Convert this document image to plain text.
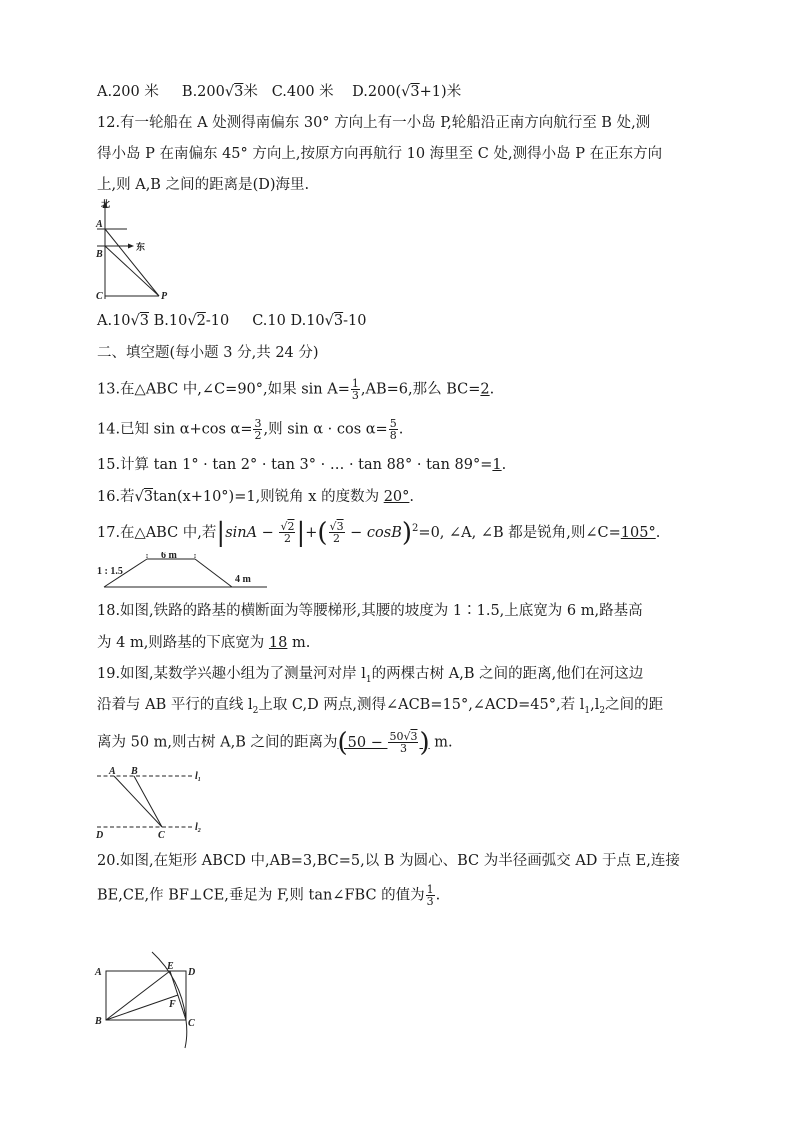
A.200 米 B.200√3米 C.400 米 D.200(√3+1)米
12.有一轮船在 A 处测得南偏东 30° 方向上有一小岛 P,轮船沿正南方向航行至 B 处,测
得小岛 P 在南偏东 45° 方向上,按原方向再航行 10 海里至 C 处,测得小岛 P 在正东方向
上,则 A,B 之间的距离是(D)海里.
北
东
A
B
C	P
A.10√3 B.10√2-10 C.10 D.10√3-10
二、填空题(每小题 3 分,共 24 分)
13.在△ABC 中,∠C=90°,如果 $\sin A= \frac{1}{3} ,AB=6$,那么 BC=2.
14.已知 sin α+cos $\alpha= \frac{3}{2}$ ,则 $\sin \alpha \cdot \cos \alpha= \frac{5}{8}$ .
15.计算 tan 1° · tan 2° · tan 3° · … · tan 88° · tan 89°=1.
16.若√3tan(x+10°)=1,则锐角 x 的度数为 20°.
17.在△ABC 中,若$|\sin A - \frac{√2}{2}$ |+( $\frac{√3}{2} - \cos B)^2=0$, ∠A, ∠B 都是锐角,则∠C=105°.
1 : 1.5
6 m
4 m
18.如图,铁路的路基的横断面为等腰梯形,其腰的坡度为 1∶1.5,上底宽为 6 m,路基高
为 4 m,则路基的下底宽为 18 m.
19.如图,某数学兴趣小组为了测量河对岸 $l_1$的两棵古树 A,B 之间的距离,他们在河这边
沿着与 AB 平行的直线 $l_2$上取 C,D 两点,测得∠ACB=15°,∠ACD=45°,若 $l_1,l_2$之间的距
离为 50 m,则古树 A,B 之间的距离为($50 - \frac{50√3}{3}$ ) m.
A B
D	C
$l_1$
$l_2$
20.如图,在矩形 ABCD 中,AB=3,BC=5,以 B 为圆心、BC 为半径画弧交 AD 于点 E,连接
BE,CE,作 BF⊥CE,垂足为 F,则 tan∠FBC 的值为 $\frac{1}{3}$ .
A
B
E
D
F
C
